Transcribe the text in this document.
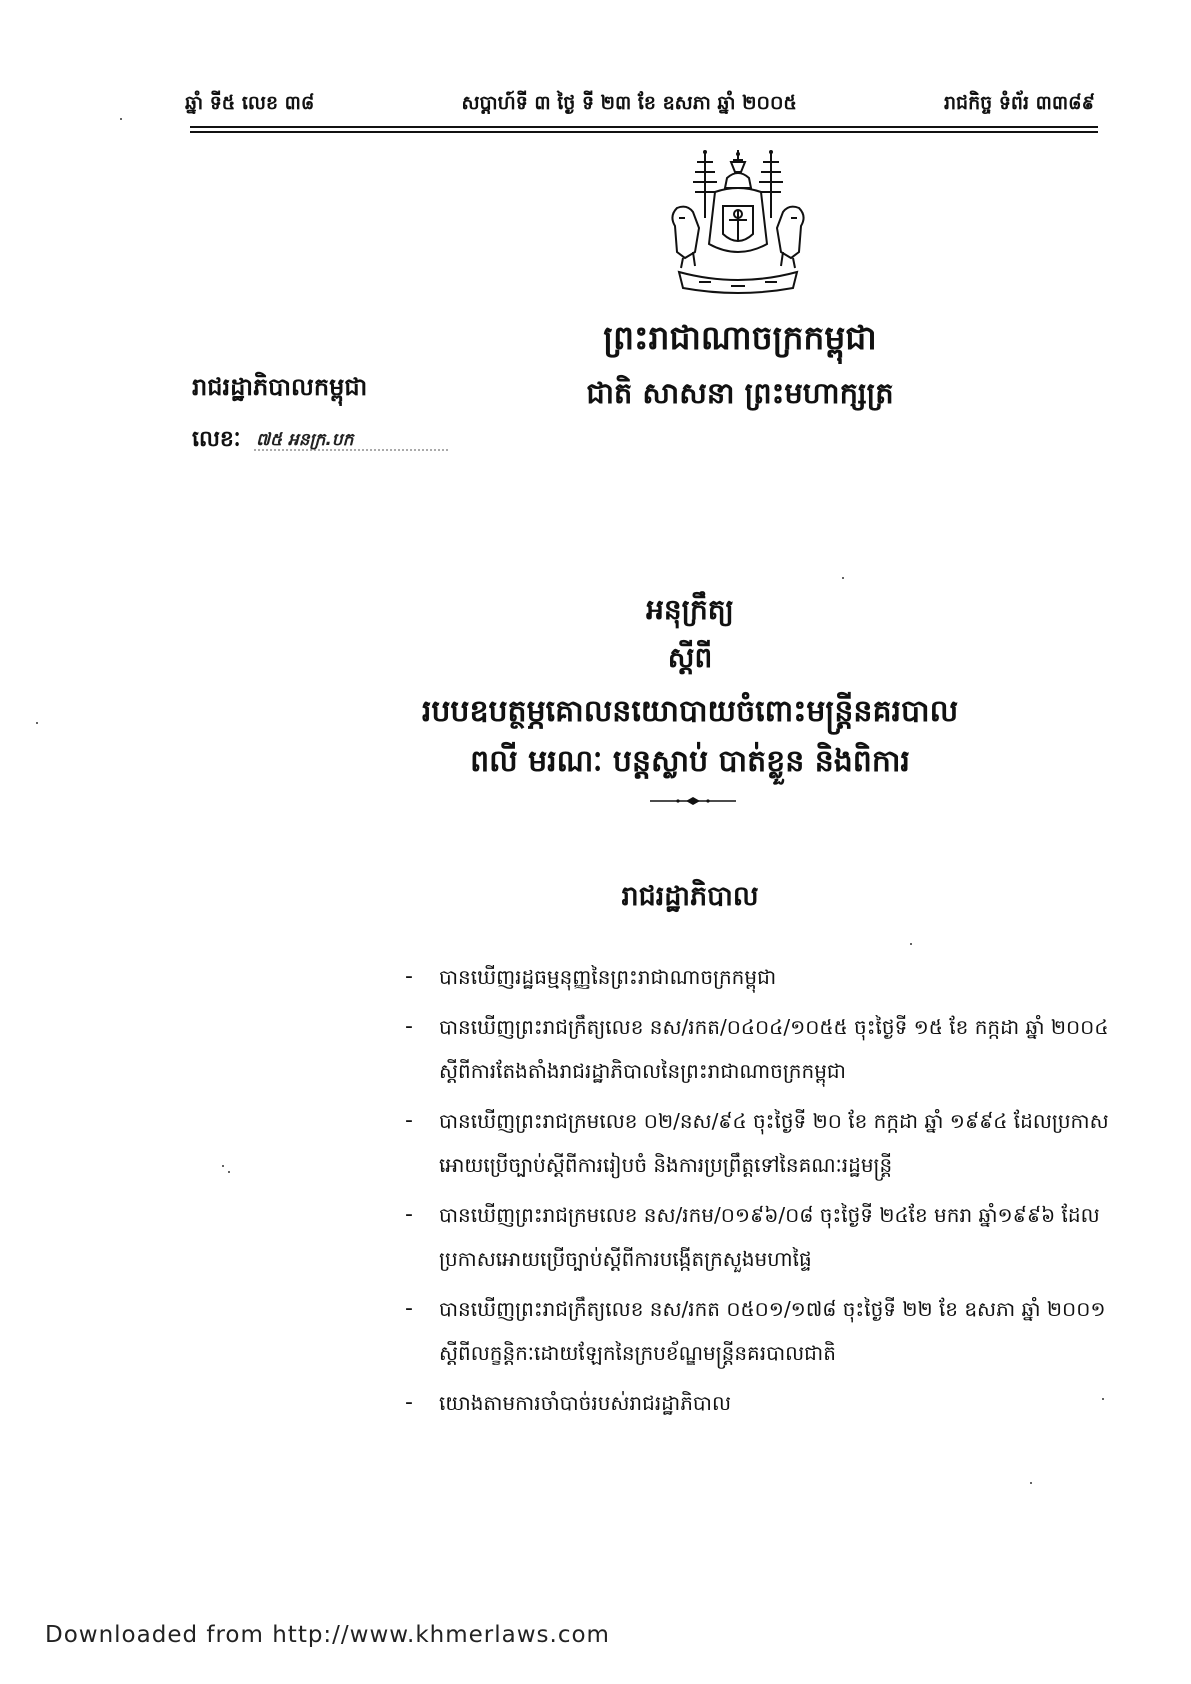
ឆ្នាំ ទី៥ លេខ ៣៨	សប្តាហ៍ទី ៣ ថ្ងៃ ទី ២៣ ខែ ឧសភា ឆ្នាំ ២០០៥	រាជកិច្ច ទំព័រ ៣៣៨៩
ព្រះរាជាណាចក្រកម្ពុជា
ជាតិ សាសនា ព្រះមហាក្សត្រ
រាជរដ្ឋាភិបាលកម្ពុជា
លេខៈ ៧៥ អនក្រ.បក
អនុក្រឹត្យ
ស្តីពី
របបឧបត្ថម្ភគោលនយោបាយចំពោះមន្ត្រីនគរបាល
ពលី មរណៈ បន្តស្លាប់ បាត់ខ្លួន និងពិការ
រាជរដ្ឋាភិបាល
- បានឃើញរដ្ឋធម្មនុញ្ញនៃព្រះរាជាណាចក្រកម្ពុជា
- បានឃើញព្រះរាជក្រឹត្យលេខ នស/រកត/០៤០៤/១០៥៥ ចុះថ្ងៃទី ១៥ ខែ កក្កដា ឆ្នាំ ២០០៤
ស្តីពីការតែងតាំងរាជរដ្ឋាភិបាលនៃព្រះរាជាណាចក្រកម្ពុជា
- បានឃើញព្រះរាជក្រមលេខ ០២/នស/៩៤ ចុះថ្ងៃទី ២០ ខែ កក្កដា ឆ្នាំ ១៩៩៤ ដែលប្រកាស
អោយប្រើច្បាប់ស្តីពីការរៀបចំ និងការប្រព្រឹត្តទៅនៃគណៈរដ្ឋមន្ត្រី
- បានឃើញព្រះរាជក្រមលេខ នស/រកម/០១៩៦/០៨ ចុះថ្ងៃទី ២៤ខែ មករា ឆ្នាំ១៩៩៦ ដែល
ប្រកាសអោយប្រើច្បាប់ស្តីពីការបង្កើតក្រសួងមហាផ្ទៃ
- បានឃើញព្រះរាជក្រឹត្យលេខ នស/រកត ០៥០១/១៧៨ ចុះថ្ងៃទី ២២ ខែ ឧសភា ឆ្នាំ ២០០១
ស្តីពីលក្ខន្តិកៈដោយឡែកនៃក្របខ័ណ្ឌមន្ត្រីនគរបាលជាតិ
- យោងតាមការចាំបាច់របស់រាជរដ្ឋាភិបាល
Downloaded from http://www.khmerlaws.com
